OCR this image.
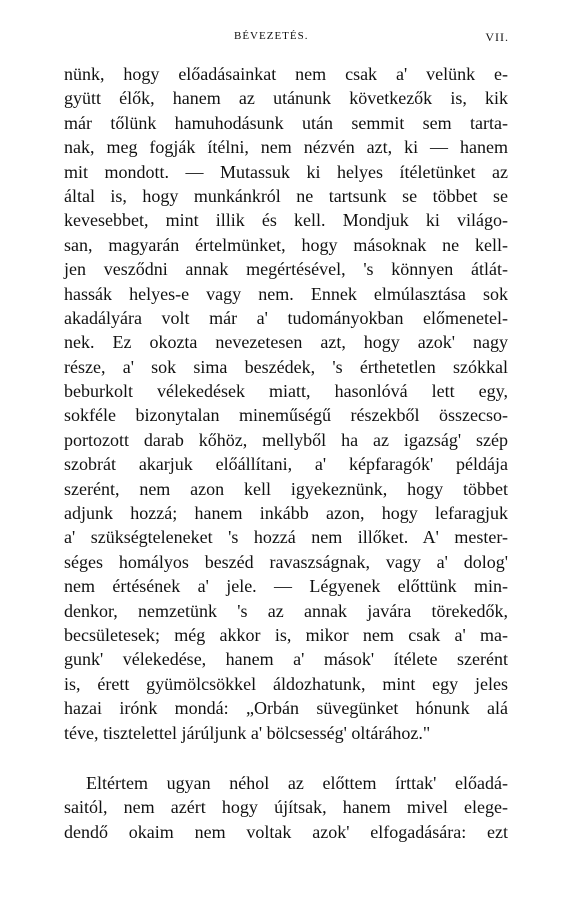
BÉVEZETÉS.	VII.
nünk, hogy előadásainkat nem csak a' velünk e-
gyütt élők, hanem az utánunk következők is, kik
már tőlünk hamuhodásunk után semmit sem tarta-
nak, meg fogják ítélni, nem nézvén azt, ki — hanem
mit mondott. — Mutassuk ki helyes ítéletünket az
által is, hogy munkánkról ne tartsunk se többet se
kevesebbet, mint illik és kell. Mondjuk ki világo-
san, magyarán értelmünket, hogy másoknak ne kell-
jen vesződni annak megértésével, 's könnyen átlát-
hassák helyes-e vagy nem. Ennek elmúlasztása sok
akadályára volt már a' tudományokban előmenetel-
nek. Ez okozta nevezetesen azt, hogy azok' nagy
része, a' sok sima beszédek, 's érthetetlen szókkal
beburkolt vélekedések miatt, hasonlóvá lett egy,
sokféle bizonytalan mineműségű részekből összecso-
portozott darab kőhöz, mellyből ha az igazság' szép
szobrát akarjuk előállítani, a' képfaragók' példája
szerént, nem azon kell igyekeznünk, hogy többet
adjunk hozzá; hanem inkább azon, hogy lefaragjuk
a' szükségteleneket 's hozzá nem illőket. A' mester-
séges homályos beszéd ravaszságnak, vagy a' dolog'
nem értésének a' jele. — Légyenek előttünk min-
denkor, nemzetünk 's az annak javára törekedők,
becsületesek; még akkor is, mikor nem csak a' ma-
gunk' vélekedése, hanem a' mások' ítélete szerént
is, érett gyümölcsökkel áldozhatunk, mint egy jeles
hazai irónk mondá: „Orbán süvegünket hónunk alá
téve, tisztelettel járúljunk a' bölcsesség' oltárához."
Eltértem ugyan néhol az előttem írttak' előadá-
saitól, nem azért hogy újítsak, hanem mivel elege-
dendő okaim nem voltak azok' elfogadására: ezt
